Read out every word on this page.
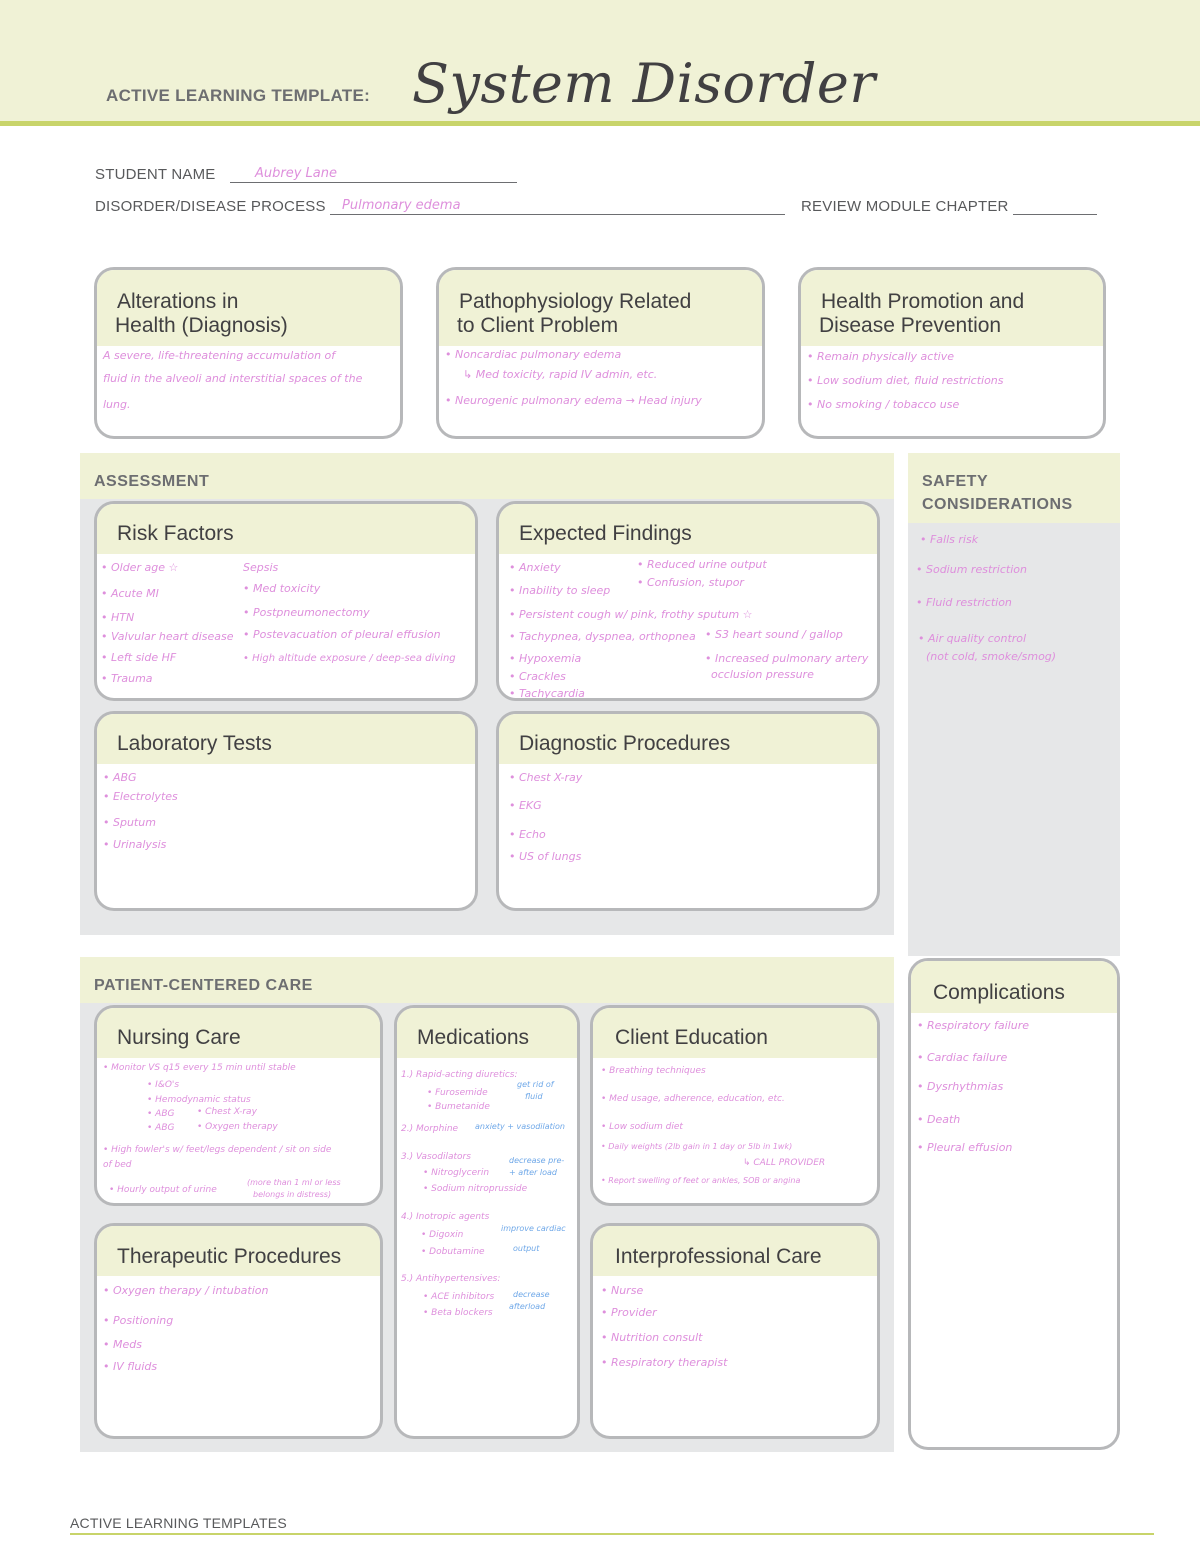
ACTIVE LEARNING TEMPLATE: System Disorder
STUDENT NAME	Aubrey Lane
DISORDER/DISEASE PROCESS Pulmonary edema	REVIEW MODULE CHAPTER
Alterations in
Health (Diagnosis)
A severe, life-threatening accumulation of
fluid in the alveoli and interstitial spaces of the
lung.
Pathophysiology Related
to Client Problem
• Noncardiac pulmonary edema
↳ Med toxicity, rapid IV admin, etc.
• Neurogenic pulmonary edema → Head injury
Health Promotion and
Disease Prevention
• Remain physically active
• Low sodium diet, fluid restrictions
• No smoking / tobacco use
ASSESSMENT
Risk Factors
• Older age ☆
• Acute MI
• HTN
• Valvular heart disease
• Left side HF
• Trauma
Sepsis
• Med toxicity
• Postpneumonectomy
• Postevacuation of pleural effusion
• High altitude exposure / deep-sea diving
Expected Findings
• Anxiety
• Inability to sleep
• Persistent cough w/ pink, frothy sputum ☆
• Tachypnea, dyspnea, orthopnea
• Hypoxemia
• Crackles
• Tachycardia
• Reduced urine output
• Confusion, stupor
• S3 heart sound / gallop
• Increased pulmonary artery
occlusion pressure
Laboratory Tests
• ABG
• Electrolytes
• Sputum
• Urinalysis
Diagnostic Procedures
• Chest X-ray
• EKG
• Echo
• US of lungs
SAFETY
CONSIDERATIONS
• Falls risk
• Sodium restriction
• Fluid restriction
• Air quality control
(not cold, smoke/smog)
PATIENT-CENTERED CARE
Nursing Care
• Monitor VS q15 every 15 min until stable
• I&O's
• Hemodynamic status
• ABG	• Chest X-ray
• ABG	• Oxygen therapy
• High fowler's w/ feet/legs dependent / sit on side
of bed
• Hourly output of urine
(more than 1 ml or less
belongs in distress)
Medications
1.) Rapid-acting diuretics:
• Furosemide
• Bumetanide
2.) Morphine
3.) Vasodilators
• Nitroglycerin
• Sodium nitroprusside
4.) Inotropic agents
• Digoxin
• Dobutamine
5.) Antihypertensives:
• ACE inhibitors
• Beta blockers
get rid of
fluid
anxiety + vasodilation
decrease pre-
+ after load
improve cardiac
output
decrease
afterload
Client Education
• Breathing techniques
• Med usage, adherence, education, etc.
• Low sodium diet
• Daily weights (2lb gain in 1 day or 5lb in 1wk)
↳ CALL PROVIDER
• Report swelling of feet or ankles, SOB or angina
Therapeutic Procedures
• Oxygen therapy / intubation
• Positioning
• Meds
• IV fluids
Interprofessional Care
• Nurse
• Provider
• Nutrition consult
• Respiratory therapist
Complications
• Respiratory failure
• Cardiac failure
• Dysrhythmias
• Death
• Pleural effusion
ACTIVE LEARNING TEMPLATES
